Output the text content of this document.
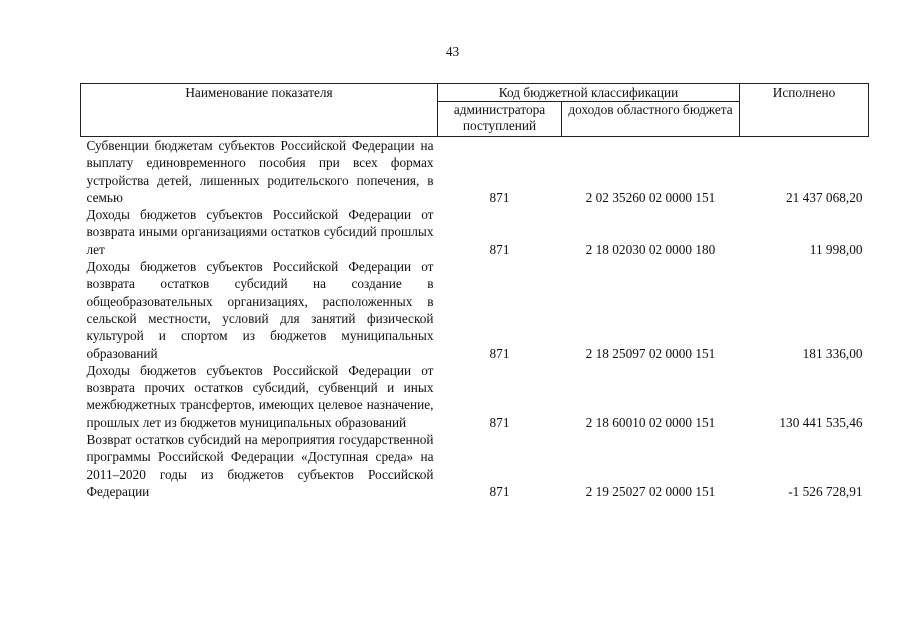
43
Наименование показателя	Код бюджетной классификации		Исполнено
	администратора поступлений	доходов областного бюджета	
Субвенции бюджетам субъектов Российской Федерации на выплату единовременного пособия при всех формах устройства детей, лишенных родительского попечения, в семью	871	2 02 35260 02 0000 151	21 437 068,20
Доходы бюджетов субъектов Российской Федерации от возврата иными организациями остатков субсидий прошлых лет	871	2 18 02030 02 0000 180	11 998,00
Доходы бюджетов субъектов Российской Федерации от возврата остатков субсидий на создание в общеобразовательных организациях, расположенных в сельской местности, условий для занятий физической культурой и спортом из бюджетов муниципальных образований	871	2 18 25097 02 0000 151	181 336,00
Доходы бюджетов субъектов Российской Федерации от возврата прочих остатков субсидий, субвенций и иных межбюджетных трансфертов, имеющих целевое назначение, прошлых лет из бюджетов муниципальных образований	871	2 18 60010 02 0000 151	130 441 535,46
Возврат остатков субсидий на мероприятия государственной программы Российской Федерации «Доступная среда» на 2011–2020 годы из бюджетов субъектов Российской Федерации	871	2 19 25027 02 0000 151	-1 526 728,91
